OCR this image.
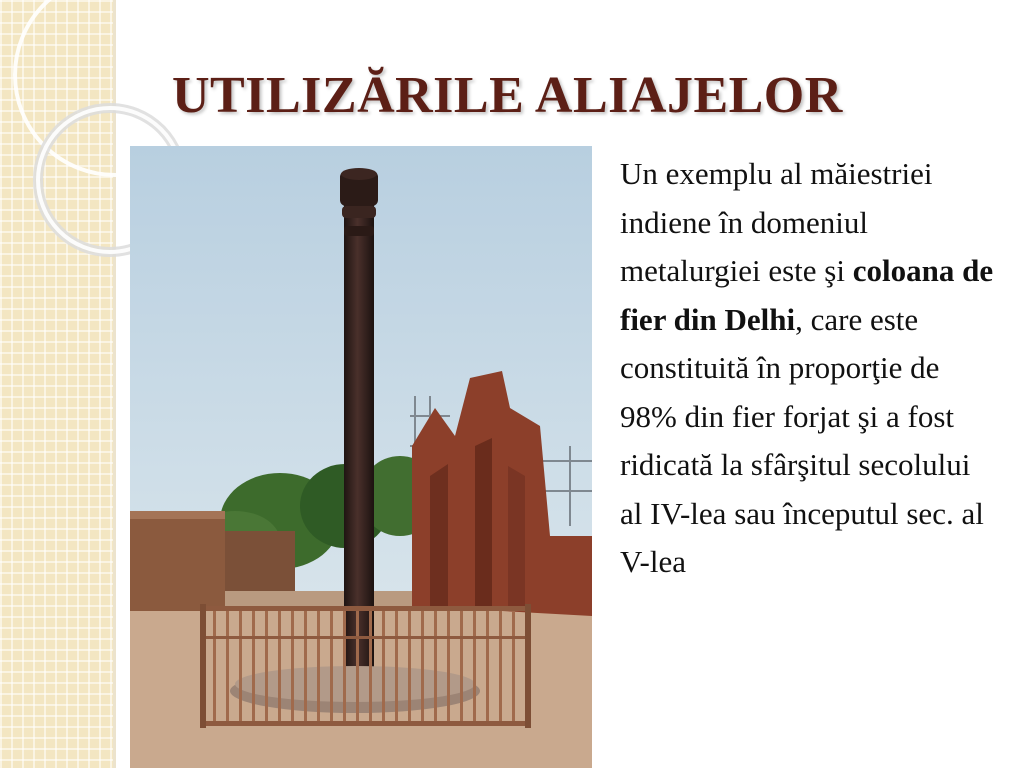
UTILIZĂRILE ALIAJELOR

Un exemplu al măiestriei indiene în domeniul metalurgiei este şi coloana de fier din Delhi, care este constituită în proporţie de 98% din fier forjat şi a fost ridicată la sfârşitul secolului al IV-lea sau începutul sec. al V-lea
